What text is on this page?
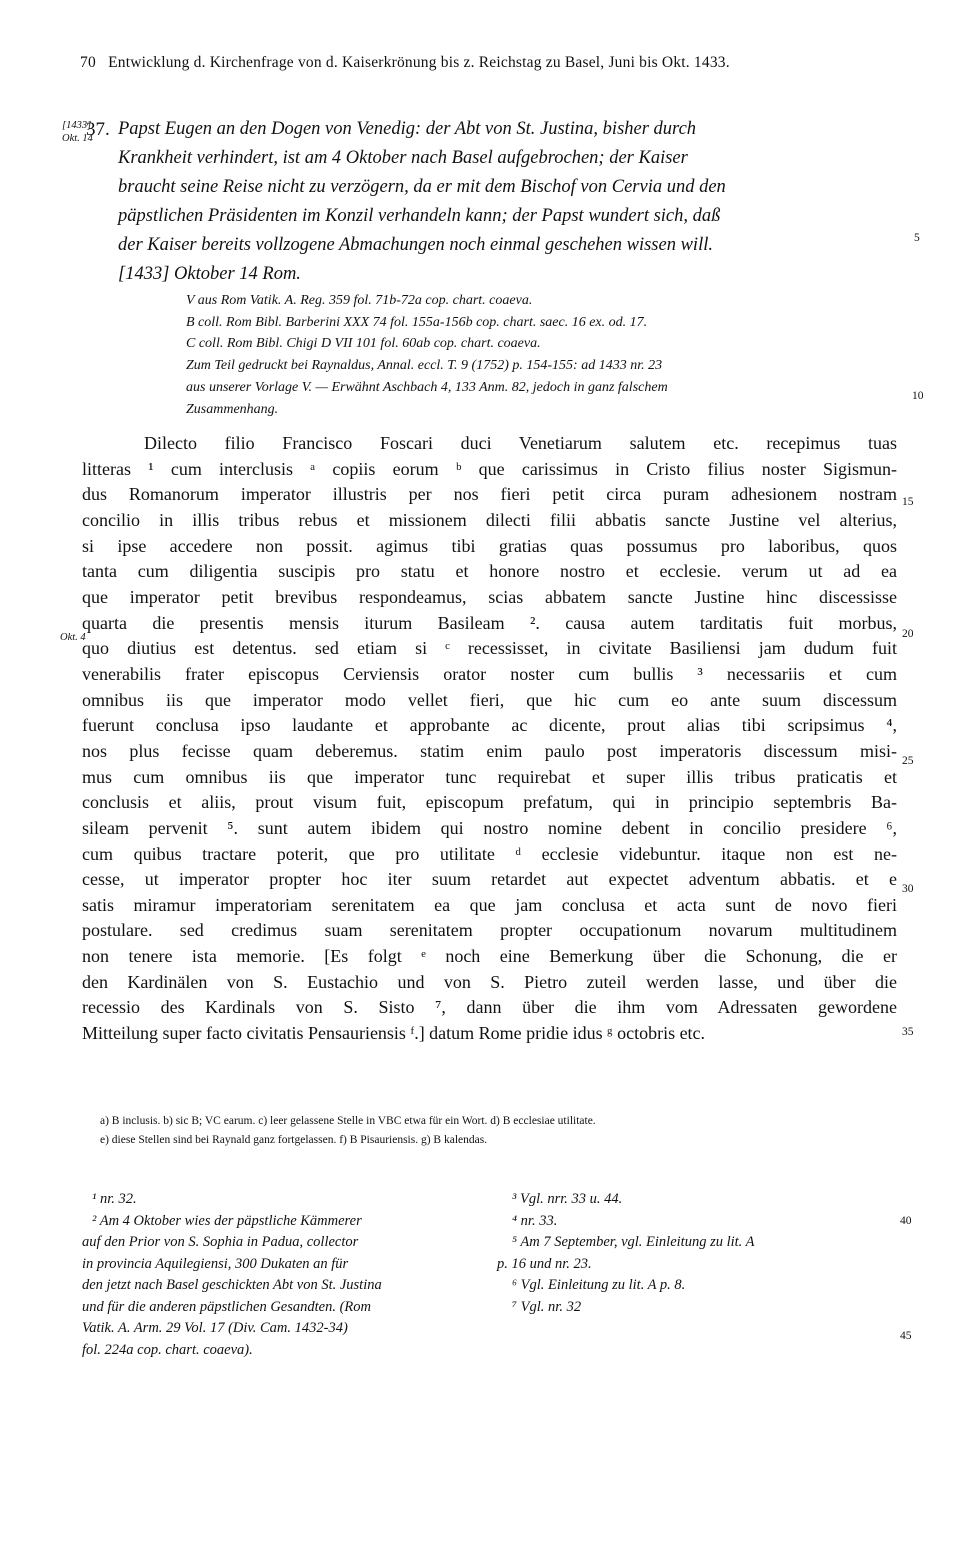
70 Entwicklung d. Kirchenfrage von d. Kaiserkrönung bis z. Reichstag zu Basel, Juni bis Okt. 1433.
[1433]
Okt. 14
Okt. 4
37. Papst Eugen an den Dogen von Venedig: der Abt von St. Justina, bisher durch
Krankheit verhindert, ist am 4 Oktober nach Basel aufgebrochen; der Kaiser
braucht seine Reise nicht zu verzögern, da er mit dem Bischof von Cervia und den
päpstlichen Präsidenten im Konzil verhandeln kann; der Papst wundert sich, daß
der Kaiser bereits vollzogene Abmachungen noch einmal geschehen wissen will.
[1433] Oktober 14 Rom.
V aus Rom Vatik. A. Reg. 359 fol. 71b-72a cop. chart. coaeva.
B coll. Rom Bibl. Barberini XXX 74 fol. 155a-156b cop. chart. saec. 16 ex. od. 17.
C coll. Rom Bibl. Chigi D VII 101 fol. 60ab cop. chart. coaeva.
Zum Teil gedruckt bei Raynaldus, Annal. eccl. T. 9 (1752) p. 154-155: ad 1433 nr. 23
aus unserer Vorlage V. — Erwähnt Aschbach 4, 133 Anm. 82, jedoch in ganz falschem
Zusammenhang.
Dilecto filio Francisco Foscari duci Venetiarum salutem etc. recepimus tuas
litteras ¹ cum interclusis ᵃ copiis eorum ᵇ que carissimus in Cristo filius noster Sigismun-
dus Romanorum imperator illustris per nos fieri petit circa puram adhesionem nostram
concilio in illis tribus rebus et missionem dilecti filii abbatis sancte Justine vel alterius,
si ipse accedere non possit. agimus tibi gratias quas possumus pro laboribus, quos
tanta cum diligentia suscipis pro statu et honore nostro et ecclesie. verum ut ad ea
que imperator petit brevibus respondeamus, scias abbatem sancte Justine hinc discessisse
quarta die presentis mensis iturum Basileam ². causa autem tarditatis fuit morbus,
quo diutius est detentus. sed etiam si ᶜ recessisset, in civitate Basiliensi jam dudum fuit
venerabilis frater episcopus Cerviensis orator noster cum bullis ³ necessariis et cum
omnibus iis que imperator modo vellet fieri, que hic cum eo ante suum discessum
fuerunt conclusa ipso laudante et approbante ac dicente, prout alias tibi scripsimus ⁴,
nos plus fecisse quam deberemus. statim enim paulo post imperatoris discessum misi-
mus cum omnibus iis que imperator tunc requirebat et super illis tribus praticatis et
conclusis et aliis, prout visum fuit, episcopum prefatum, qui in principio septembris Ba-
sileam pervenit ⁵. sunt autem ibidem qui nostro nomine debent in concilio presidere ⁶,
cum quibus tractare poterit, que pro utilitate ᵈ ecclesie videbuntur. itaque non est ne-
cesse, ut imperator propter hoc iter suum retardet aut expectet adventum abbatis. et e
satis miramur imperatoriam serenitatem ea que jam conclusa et acta sunt de novo fieri
postulare. sed credimus suam serenitatem propter occupationum novarum multitudinem
non tenere ista memorie. [Es folgt ᵉ noch eine Bemerkung über die Schonung, die er
den Kardinälen von S. Eustachio und von S. Pietro zuteil werden lasse, und über die
recessio des Kardinals von S. Sisto ⁷, dann über die ihm vom Adressaten gewordene
Mitteilung super facto civitatis Pensauriensis ᶠ.] datum Rome pridie idus ᵍ octobris etc.
5
10
15
20
25
30
35
40
45
a) B inclusis. b) sic B; VC earum. c) leer gelassene Stelle in VBC etwa für ein Wort. d) B ecclesiae utilitate.
e) diese Stellen sind bei Raynald ganz fortgelassen. f) B Pisauriensis. g) B kalendas.
¹ nr. 32.
² Am 4 Oktober wies der päpstliche Kämmerer
auf den Prior von S. Sophia in Padua, collector
in provincia Aquilegiensi, 300 Dukaten an für
den jetzt nach Basel geschickten Abt von St. Justina
und für die anderen päpstlichen Gesandten. (Rom
Vatik. A. Arm. 29 Vol. 17 (Div. Cam. 1432-34)
fol. 224a cop. chart. coaeva).
³ Vgl. nrr. 33 u. 44.
⁴ nr. 33.
⁵ Am 7 September, vgl. Einleitung zu lit. A
p. 16 und nr. 23.
⁶ Vgl. Einleitung zu lit. A p. 8.
⁷ Vgl. nr. 32
